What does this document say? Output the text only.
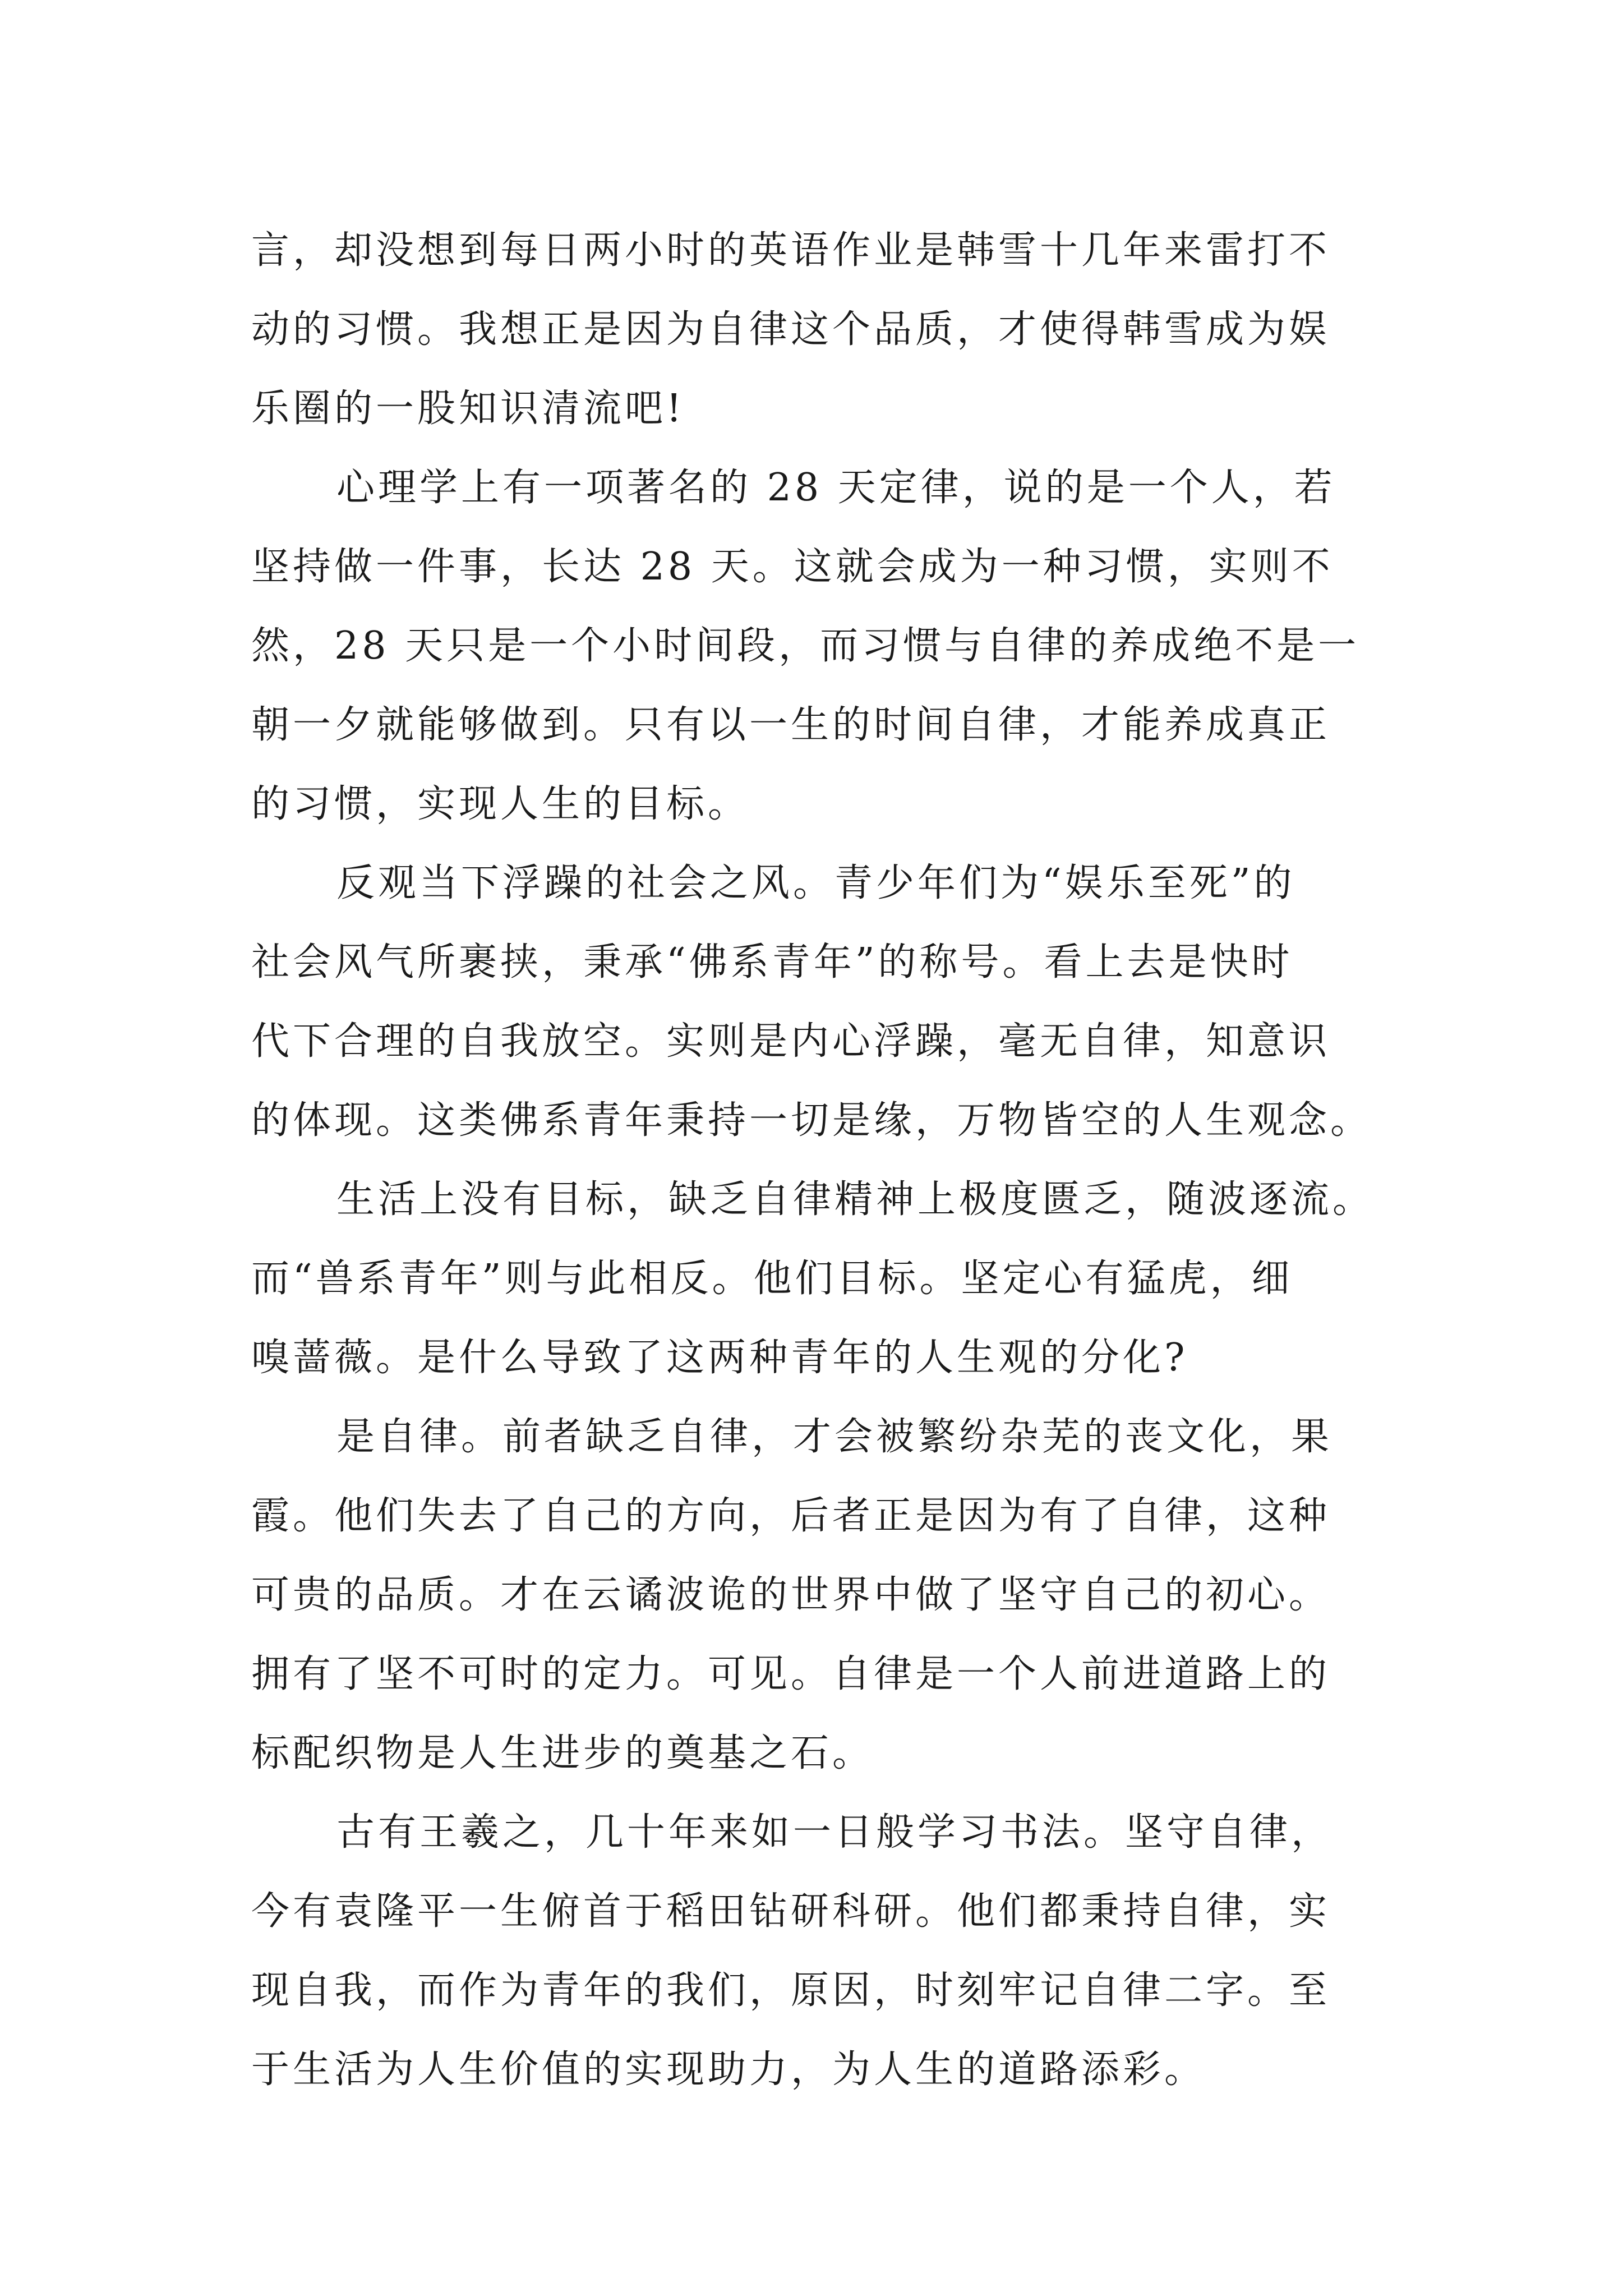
言，却没想到每日两小时的英语作业是韩雪十几年来雷打不
动的习惯。我想正是因为自律这个品质，才使得韩雪成为娱
乐圈的一股知识清流吧!
心理学上有一项著名的 28 天定律，说的是一个人，若
坚持做一件事，长达 28 天。这就会成为一种习惯，实则不
然，28 天只是一个小时间段，而习惯与自律的养成绝不是一
朝一夕就能够做到。只有以一生的时间自律，才能养成真正
的习惯，实现人生的目标。
反观当下浮躁的社会之风。青少年们为“娱乐至死”的
社会风气所裹挟，秉承“佛系青年”的称号。看上去是快时
代下合理的自我放空。实则是内心浮躁，毫无自律，知意识
的体现。这类佛系青年秉持一切是缘，万物皆空的人生观念。
生活上没有目标，缺乏自律精神上极度匮乏，随波逐流。
而“兽系青年”则与此相反。他们目标。坚定心有猛虎，细
嗅蔷薇。是什么导致了这两种青年的人生观的分化?
是自律。前者缺乏自律，才会被繁纷杂芜的丧文化，果
霞。他们失去了自己的方向，后者正是因为有了自律，这种
可贵的品质。才在云谲波诡的世界中做了坚守自己的初心。
拥有了坚不可时的定力。可见。自律是一个人前进道路上的
标配织物是人生进步的奠基之石。
古有王羲之，几十年来如一日般学习书法。坚守自律，
今有袁隆平一生俯首于稻田钻研科研。他们都秉持自律，实
现自我，而作为青年的我们，原因，时刻牢记自律二字。至
于生活为人生价值的实现助力，为人生的道路添彩。
